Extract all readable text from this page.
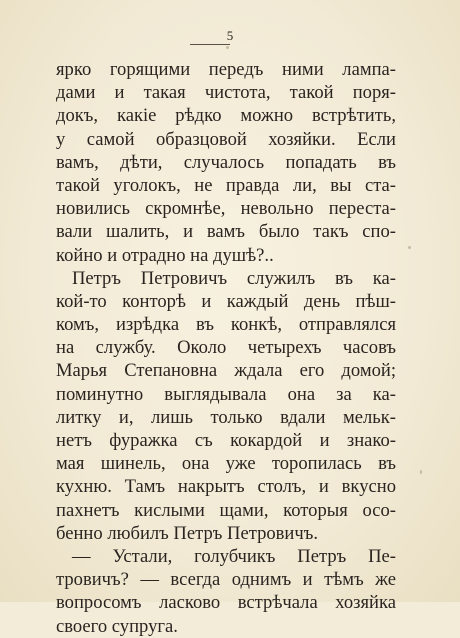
5
ярко горящими передъ ними лампа-
дами и такая чистота, такой поря-
докъ, какіе рѣдко можно встрѣтить,
у самой образцовой хозяйки. Если
вамъ, дѣти, случалось попадать въ
такой уголокъ, не правда ли, вы ста-
новились скромнѣе, невольно переста-
вали шалить, и вамъ было такъ спо-
койно и отрадно на душѣ?..
Петръ Петровичъ служилъ въ ка-
кой-то конторѣ и каждый день пѣш-
комъ, изрѣдка въ конкѣ, отправлялся
на службу. Около четырехъ часовъ
Марья Степановна ждала его домой;
поминутно выглядывала она за ка-
литку и, лишь только вдали мельк-
нетъ фуражка съ кокардой и знако-
мая шинель, она уже торопилась въ
кухню. Тамъ накрытъ столъ, и вкусно
пахнетъ кислыми щами, которыя осо-
бенно любилъ Петръ Петровичъ.
— Устали, голубчикъ Петръ Пе-
тровичъ? — всегда однимъ и тѣмъ же
вопросомъ ласково встрѣчала хозяйка
своего супруга.
